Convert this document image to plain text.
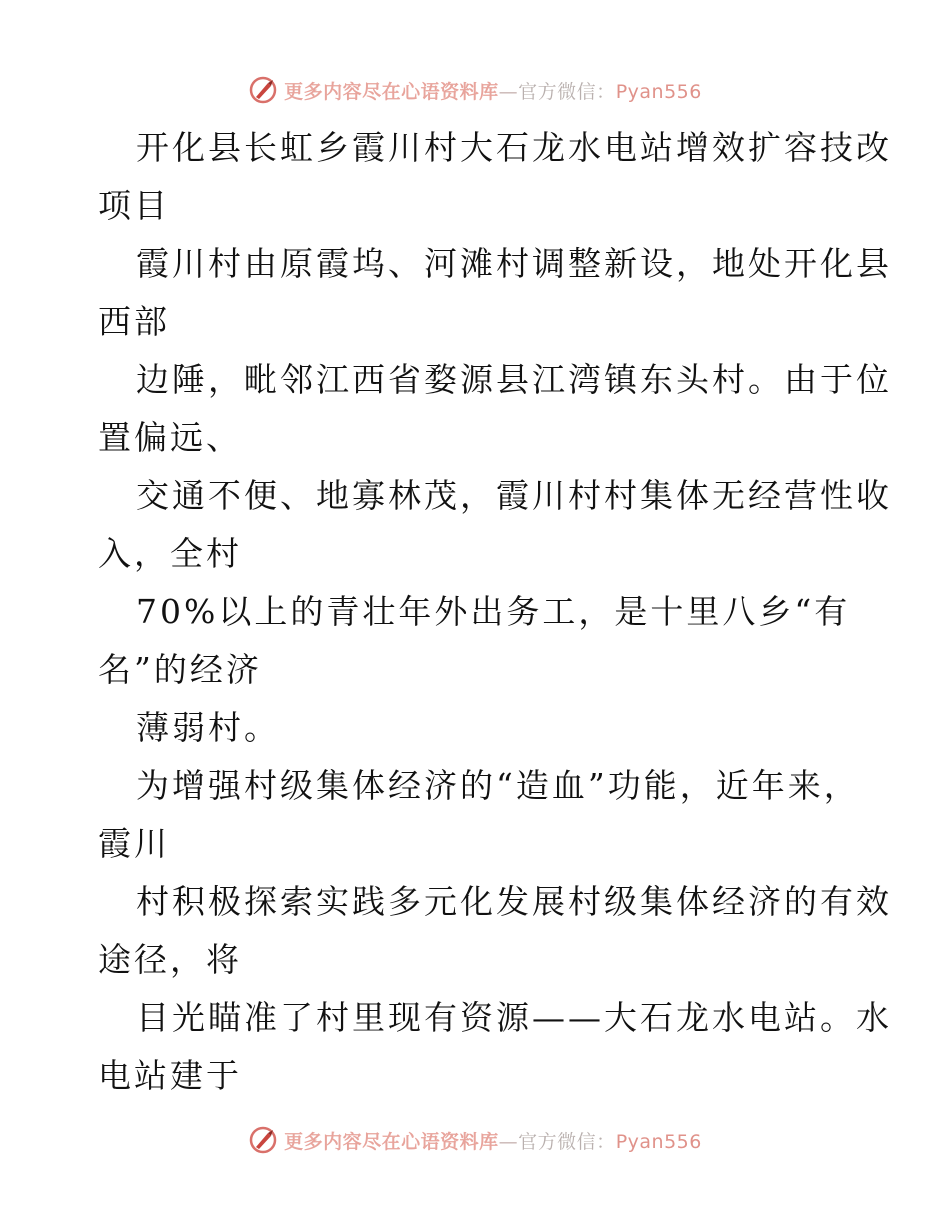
更多内容尽在心语资料库—官方微信：Pyan556
开化县长虹乡霞川村大石龙水电站增效扩容技改
项目
霞川村由原霞坞、河滩村调整新设，地处开化县
西部
边陲，毗邻江西省婺源县江湾镇东头村。由于位
置偏远、
交通不便、地寡林茂，霞川村村集体无经营性收
入，全村
70%以上的青壮年外出务工，是十里八乡“有
名”的经济
薄弱村。
为增强村级集体经济的“造血”功能，近年来，
霞川
村积极探索实践多元化发展村级集体经济的有效
途径，将
目光瞄准了村里现有资源——大石龙水电站。水
电站建于
更多内容尽在心语资料库—官方微信：Pyan556
